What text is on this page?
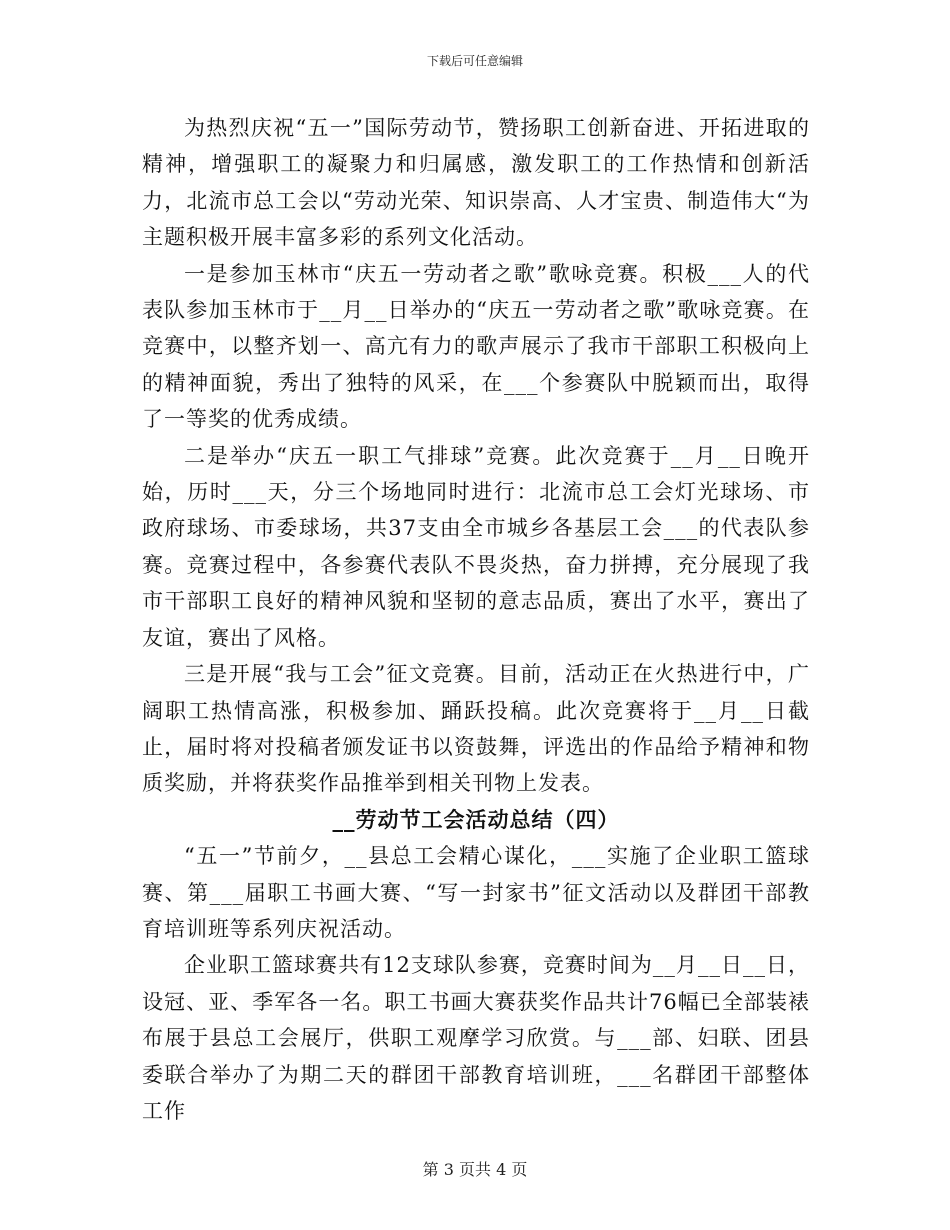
下载后可任意编辑

为热烈庆祝“五一”国际劳动节，赞扬职工创新奋进、开拓进取的精神，增强职工的凝聚力和归属感，激发职工的工作热情和创新活力，北流市总工会以“劳动光荣、知识崇高、人才宝贵、制造伟大“为主题积极开展丰富多彩的系列文化活动。

一是参加玉林市“庆五一劳动者之歌”歌咏竞赛。积极___人的代表队参加玉林市于__月__日举办的“庆五一劳动者之歌”歌咏竞赛。在竞赛中，以整齐划一、高亢有力的歌声展示了我市干部职工积极向上的精神面貌，秀出了独特的风采，在___个参赛队中脱颖而出，取得了一等奖的优秀成绩。

二是举办“庆五一职工气排球”竞赛。此次竞赛于__月__日晚开始，历时___天，分三个场地同时进行：北流市总工会灯光球场、市政府球场、市委球场，共37支由全市城乡各基层工会___的代表队参赛。竞赛过程中，各参赛代表队不畏炎热，奋力拼搏，充分展现了我市干部职工良好的精神风貌和坚韧的意志品质，赛出了水平，赛出了友谊，赛出了风格。

三是开展“我与工会”征文竞赛。目前，活动正在火热进行中，广阔职工热情高涨，积极参加、踊跃投稿。此次竞赛将于__月__日截止，届时将对投稿者颁发证书以资鼓舞，评选出的作品给予精神和物质奖励，并将获奖作品推举到相关刊物上发表。

__劳动节工会活动总结（四）

“五一”节前夕，__县总工会精心谋化，___实施了企业职工篮球赛、第___届职工书画大赛、“写一封家书”征文活动以及群团干部教育培训班等系列庆祝活动。

企业职工篮球赛共有12支球队参赛，竞赛时间为__月__日__日，设冠、亚、季军各一名。职工书画大赛获奖作品共计76幅已全部装裱布展于县总工会展厅，供职工观摩学习欣赏。与___部、妇联、团县委联合举办了为期二天的群团干部教育培训班，___名群团干部整体工作

第 3 页共 4 页
